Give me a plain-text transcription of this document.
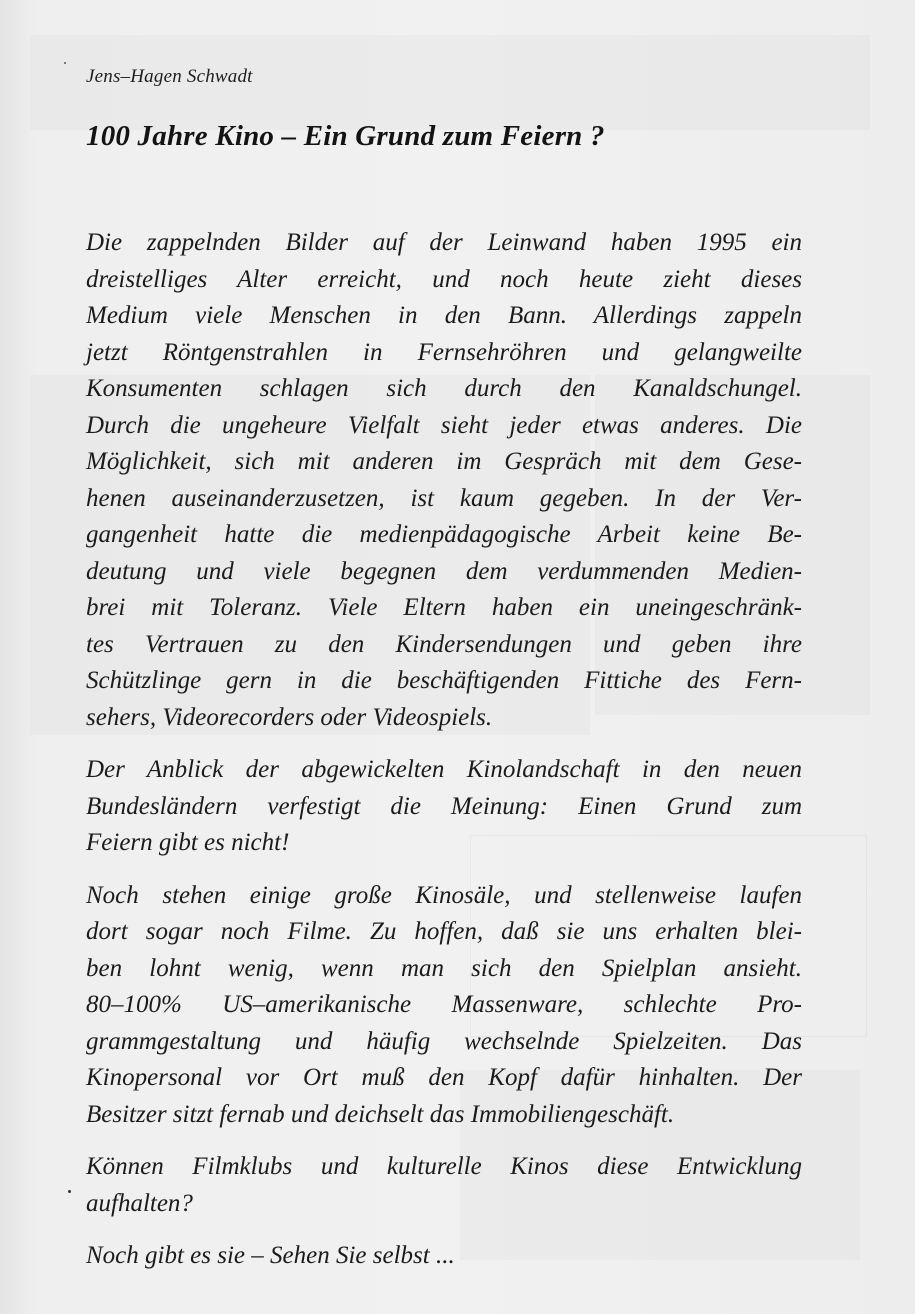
Jens–Hagen Schwadt

100 Jahre Kino – Ein Grund zum Feiern ?

Die zappelnden Bilder auf der Leinwand haben 1995 ein
dreistelliges Alter erreicht, und noch heute zieht dieses
Medium viele Menschen in den Bann. Allerdings zappeln
jetzt Röntgenstrahlen in Fernsehröhren und gelangweilte
Konsumenten schlagen sich durch den Kanaldschungel.
Durch die ungeheure Vielfalt sieht jeder etwas anderes. Die
Möglichkeit, sich mit anderen im Gespräch mit dem Gese-
henen auseinanderzusetzen, ist kaum gegeben. In der Ver-
gangenheit hatte die medienpädagogische Arbeit keine Be-
deutung und viele begegnen dem verdummenden Medien-
brei mit Toleranz. Viele Eltern haben ein uneingeschränk-
tes Vertrauen zu den Kindersendungen und geben ihre
Schützlinge gern in die beschäftigenden Fittiche des Fern-
sehers, Videorecorders oder Videospiels.

Der Anblick der abgewickelten Kinolandschaft in den neuen
Bundesländern verfestigt die Meinung: Einen Grund zum
Feiern gibt es nicht!

Noch stehen einige große Kinosäle, und stellenweise laufen
dort sogar noch Filme. Zu hoffen, daß sie uns erhalten blei-
ben lohnt wenig, wenn man sich den Spielplan ansieht.
80–100% US–amerikanische Massenware, schlechte Pro-
grammgestaltung und häufig wechselnde Spielzeiten. Das
Kinopersonal vor Ort muß den Kopf dafür hinhalten. Der
Besitzer sitzt fernab und deichselt das Immobiliengeschäft.

Können Filmklubs und kulturelle Kinos diese Entwicklung
aufhalten?

Noch gibt es sie – Sehen Sie selbst ...
